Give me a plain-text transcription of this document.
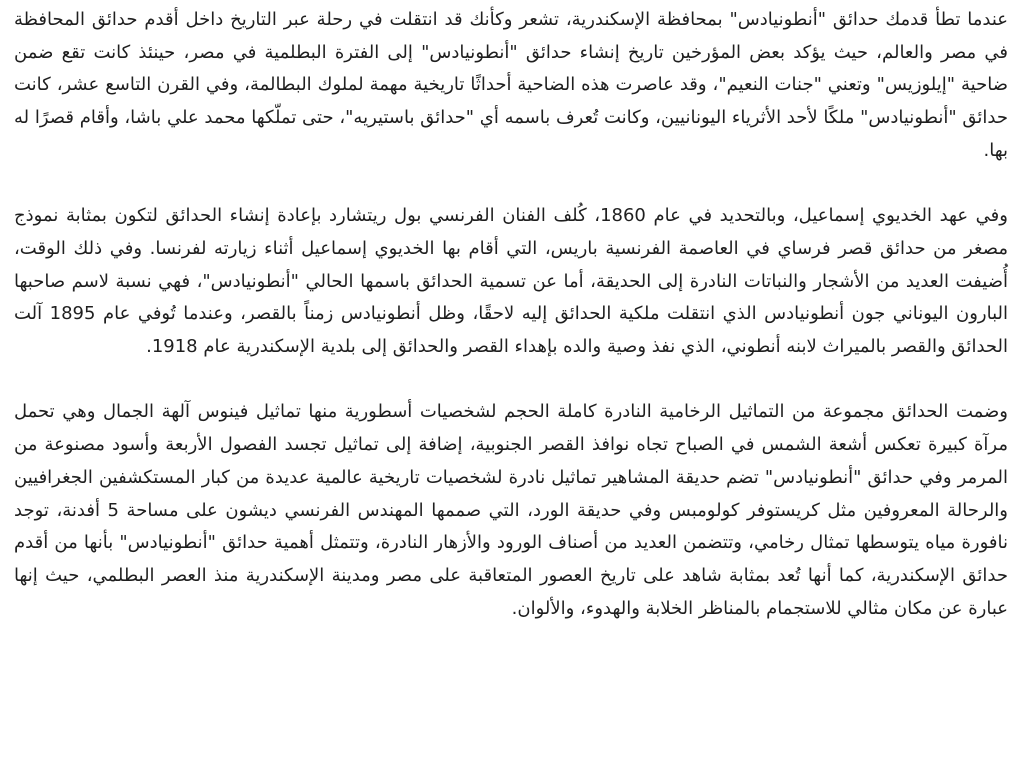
عندما تطأ قدمك حدائق "أنطونيادس" بمحافظة الإسكندرية، تشعر وكأنك قد انتقلت في رحلة عبر التاريخ داخل أقدم حدائق المحافظة في مصر والعالم، حيث يؤكد بعض المؤرخين تاريخ إنشاء حدائق "أنطونيادس" إلى الفترة البطلمية في مصر، حينئذ كانت تقع ضمن ضاحية "إيلوزيس" وتعني "جنات النعيم"، وقد عاصرت هذه الضاحية أحداثًا تاريخية مهمة لملوك البطالمة، وفي القرن التاسع عشر، كانت حدائق "أنطونيادس" ملكًا لأحد الأثرياء اليونانيين، وكانت تُعرف باسمه أي "حدائق باستيريه"، حتى تملّكها محمد علي باشا، وأقام قصرًا له بها.

وفي عهد الخديوي إسماعيل، وبالتحديد في عام 1860، كُلف الفنان الفرنسي بول ريتشارد بإعادة إنشاء الحدائق لتكون بمثابة نموذج مصغر من حدائق قصر فرساي في العاصمة الفرنسية باريس، التي أقام بها الخديوي إسماعيل أثناء زيارته لفرنسا. وفي ذلك الوقت، أُضيفت العديد من الأشجار والنباتات النادرة إلى الحديقة، أما عن تسمية الحدائق باسمها الحالي "أنطونيادس"، فهي نسبة لاسم صاحبها البارون اليوناني جون أنطونيادس الذي انتقلت ملكية الحدائق إليه لاحقًا، وظل أنطونيادس زمناً بالقصر، وعندما تُوفي عام 1895 آلت الحدائق والقصر بالميراث لابنه أنطوني، الذي نفذ وصية والده بإهداء القصر والحدائق إلى بلدية الإسكندرية عام 1918.

وضمت الحدائق مجموعة من التماثيل الرخامية النادرة كاملة الحجم لشخصيات أسطورية منها تماثيل فينوس آلهة الجمال وهي تحمل مرآة كبيرة تعكس أشعة الشمس في الصباح تجاه نوافذ القصر الجنوبية، إضافة إلى تماثيل تجسد الفصول الأربعة وأسود مصنوعة من المرمر وفي حدائق "أنطونيادس" تضم حديقة المشاهير تماثيل نادرة لشخصيات تاريخية عالمية عديدة من كبار المستكشفين الجغرافيين والرحالة المعروفين مثل كريستوفر كولومبس وفي حديقة الورد، التي صممها المهندس الفرنسي ديشون على مساحة 5 أفدنة، توجد نافورة مياه يتوسطها تمثال رخامي، وتتضمن العديد من أصناف الورود والأزهار النادرة، وتتمثل أهمية حدائق "أنطونيادس" بأنها من أقدم حدائق الإسكندرية، كما أنها تُعد بمثابة شاهد على تاريخ العصور المتعاقبة على مصر ومدينة الإسكندرية منذ العصر البطلمي، حيث إنها عبارة عن مكان مثالي للاستجمام بالمناظر الخلابة والهدوء، والألوان.
